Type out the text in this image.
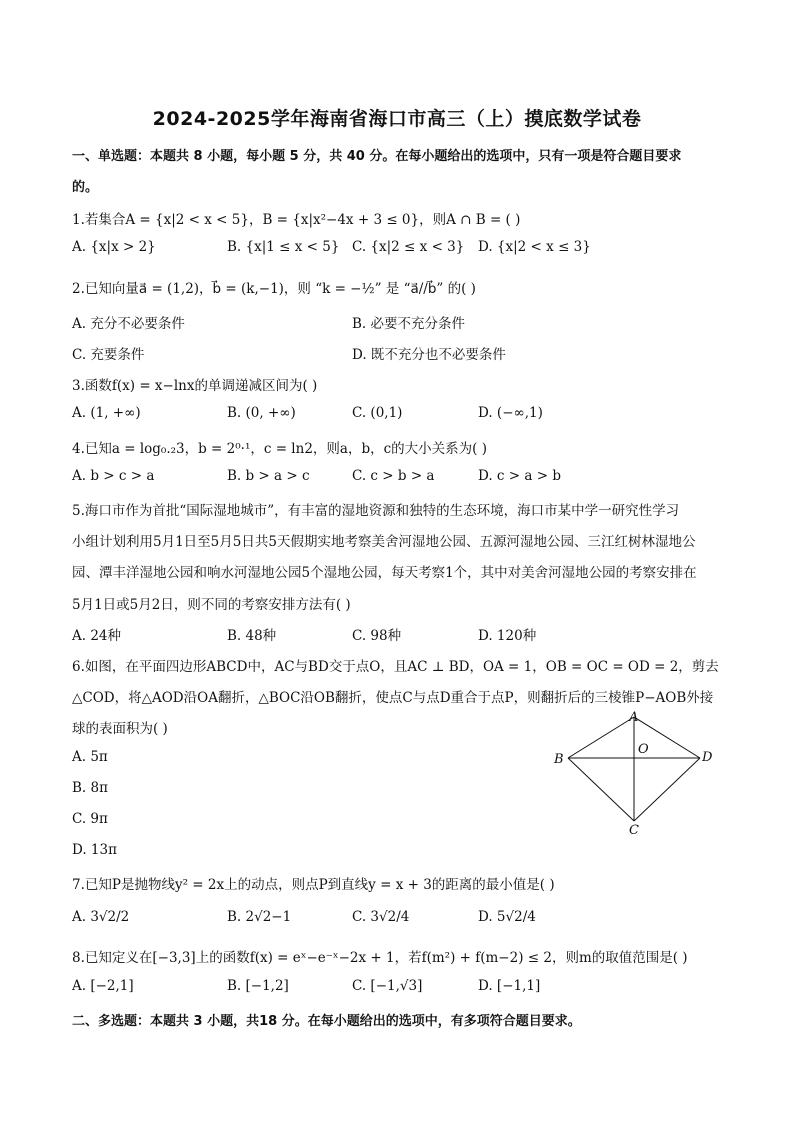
2024-2025学年海南省海口市高三（上）摸底数学试卷
一、单选题：本题共 8 小题，每小题 5 分，共 40 分。在每小题给出的选项中，只有一项是符合题目要求
的。
1.若集合A = {x|2 < x < 5}，B = {x|x²−4x + 3 ≤ 0}，则A ∩ B = ( )
A. {x|x > 2}	B. {x|1 ≤ x < 5} C. {x|2 ≤ x < 3} D. {x|2 < x ≤ 3}
2.已知向量a⃗ = (1,2)，b⃗ = (k,−1)，则 “k = −½” 是 “a⃗//b⃗” 的( )
A. 充分不必要条件	B. 必要不充分条件
C. 充要条件	D. 既不充分也不必要条件
3.函数f(x) = x−lnx的单调递减区间为( )
A. (1, +∞)	B. (0, +∞)	C. (0,1)	D. (−∞,1)
4.已知a = log₀.₂3，b = 2⁰·¹，c = ln2，则a，b，c的大小关系为( )
A. b > c > a	B. b > a > c	C. c > b > a	D. c > a > b
5.海口市作为首批“国际湿地城市”，有丰富的湿地资源和独特的生态环境，海口市某中学一研究性学习
小组计划利用5月1日至5月5日共5天假期实地考察美舍河湿地公园、五源河湿地公园、三江红树林湿地公
园、潭丰洋湿地公园和响水河湿地公园5个湿地公园，每天考察1个，其中对美舍河湿地公园的考察安排在
5月1日或5月2日，则不同的考察安排方法有( )
A. 24种	B. 48种	C. 98种	D. 120种
6.如图，在平面四边形ABCD中，AC与BD交于点O，且AC ⊥ BD，OA = 1，OB = OC = OD = 2，剪去
△COD，将△AOD沿OA翻折，△BOC沿OB翻折，使点C与点D重合于点P，则翻折后的三棱锥P−AOB外接
球的表面积为( )
A. 5π
B. 8π
C. 9π
D. 13π
A
B
C
D
O
7.已知P是抛物线y² = 2x上的动点，则点P到直线y = x + 3的距离的最小值是( )
A. 3√2/2	B. 2√2−1	C. 3√2/4	D. 5√2/4
8.已知定义在[−3,3]上的函数f(x) = eˣ−e⁻ˣ−2x + 1，若f(m²) + f(m−2) ≤ 2，则m的取值范围是( )
A. [−2,1]	B. [−1,2]	C. [−1,√3]	D. [−1,1]
二、多选题：本题共 3 小题，共18 分。在每小题给出的选项中，有多项符合题目要求。
